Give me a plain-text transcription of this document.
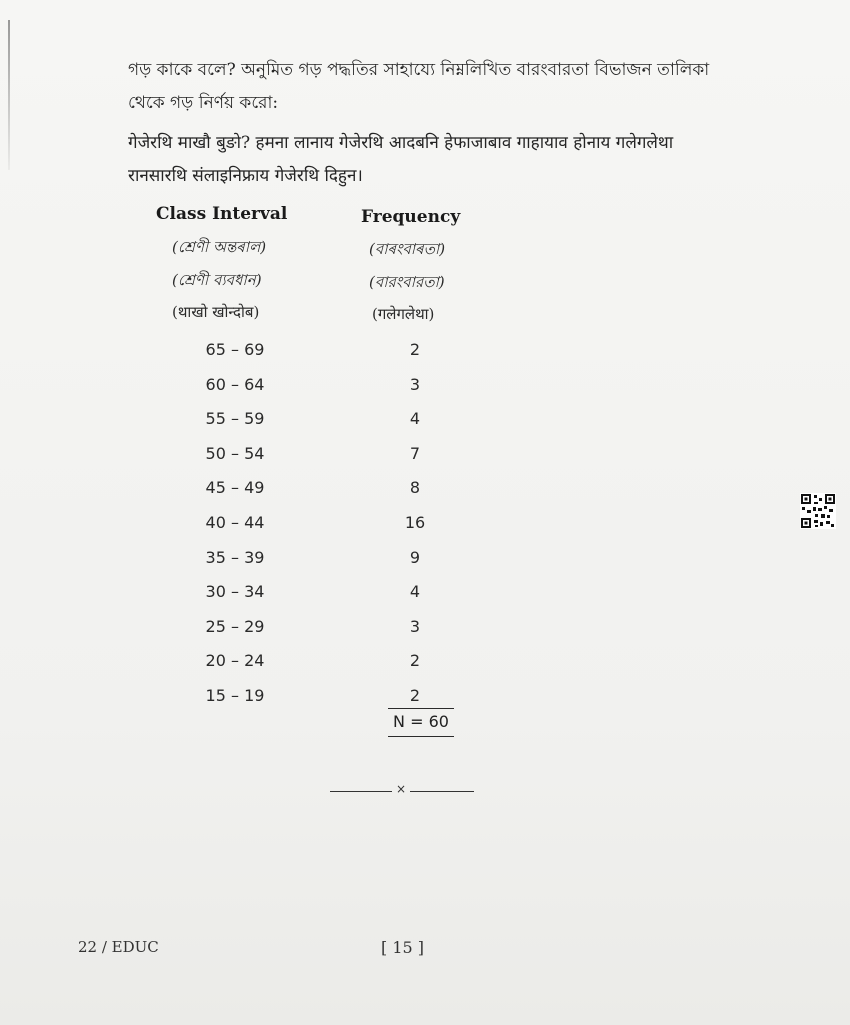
গড় কাকে বলে? অনুমিত গড় পদ্ধতির সাহায্যে নিম্নলিখিত বারংবারতা বিভাজন তালিকা
থেকে গড় নির্ণয় করো:
गेजेरथि माखौ बुङो? हमना लानाय गेजेरथि आदबनि हेफाजाबाव गाहायाव होनाय गलेगलेथा
रानसारथि संलाइनिफ्राय गेजेरथि दिहुन।
Class Interval	Frequency
(শ্ৰেণী অন্তৰাল)	(বাৰংবাৰতা)
(শ্রেণী ব্যবধান)	(বারংবারতা)
(थाखो खोन्दोब)	(गलेगलेथा)
65 – 69	2
60 – 64	3
55 – 59	4
50 – 54	7
45 – 49	8
40 – 44	16
35 – 39	9
30 – 34	4
25 – 29	3
20 – 24	2
15 – 19	2
N = 60
×
22 / EDUC	[ 15 ]
